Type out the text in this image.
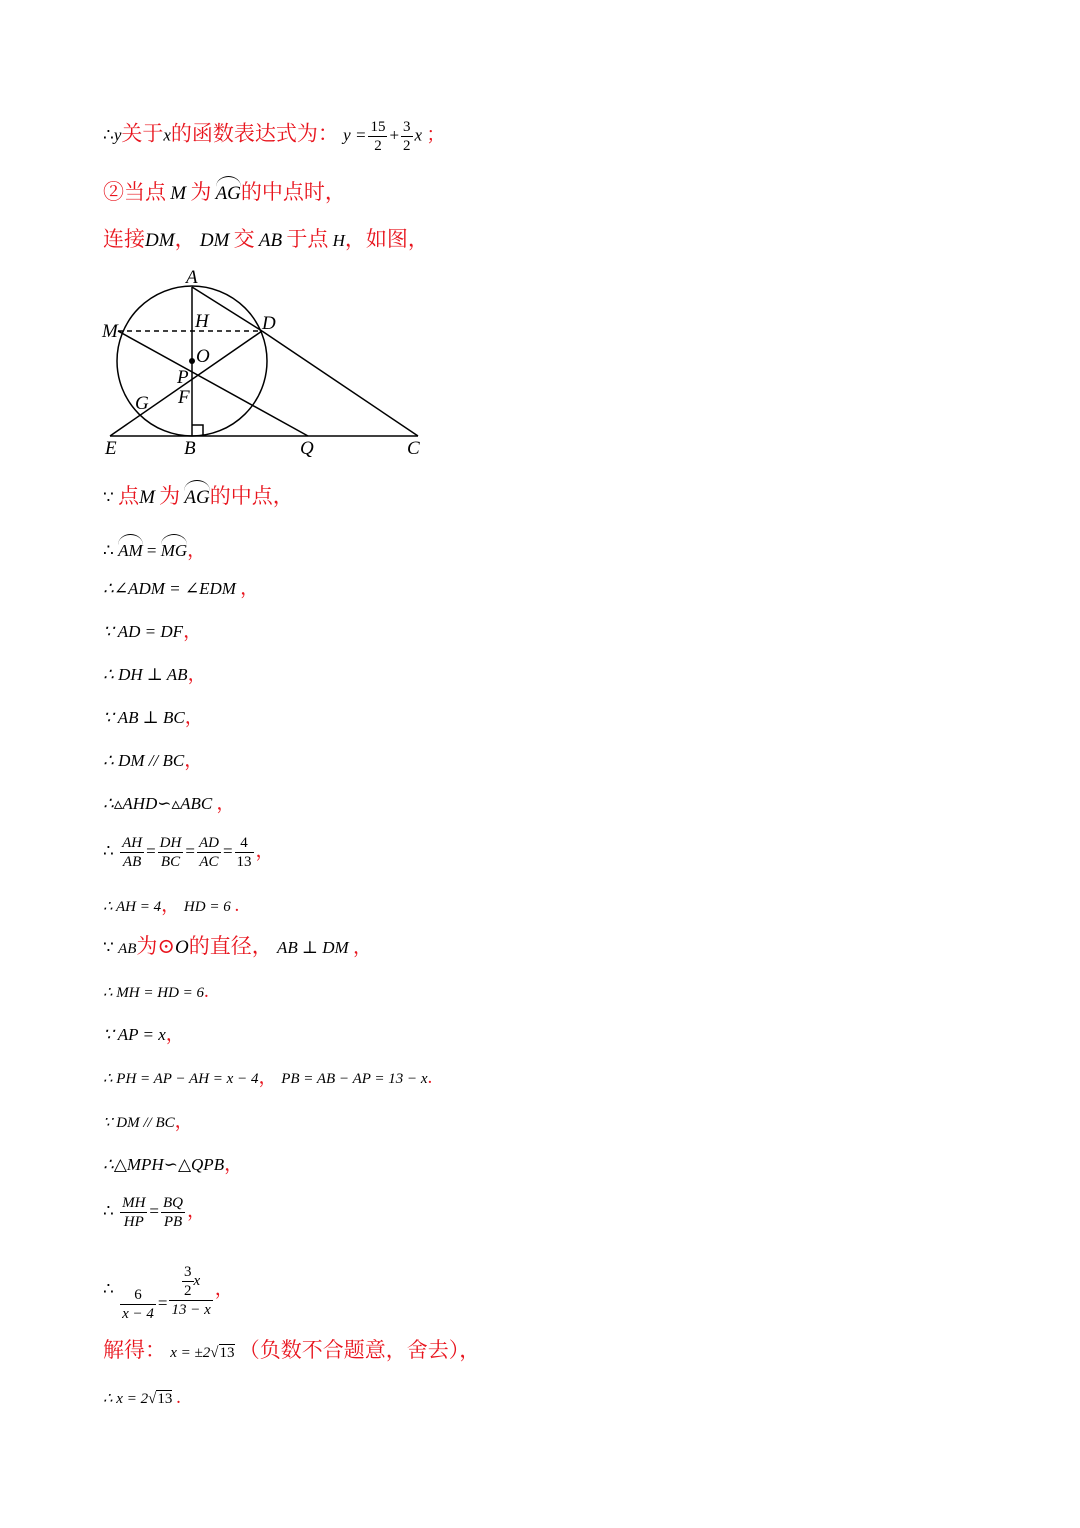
∴y关于x的函数表达式为： $y = \frac{15}{2} + \frac{3}{2}$ x ；
②当点 M 为 AG的中点时，
连接DM， DM 交 AB 于点 H，如图，
A
H	D
M
O
P
F
G
E	B	Q	C
∵ 点M 为 AG的中点，
∴ AM = MG，
∴∠ADM = ∠EDM ，
∵ AD = DF，
∴ DH ⊥ AB，
∵ AB ⊥ BC，
∴ DM // BC，
∴▵AHD∽▵ABC ，
∴ $\frac{AH}{AB} = \frac{DH}{BC} = \frac{AD}{AC} = \frac{4}{13}$ ，
∴ AH = 4， HD = 6 .
∵ AB为⊙O的直径， AB ⊥ DM ，
∴ MH = HD = 6.
∵ AP = x，
∴ PH = AP − AH = x − 4， PB = AB − AP = 13 − x.
∵ DM // BC，
∴△MPH∽△QPB，
∴ $\frac{MH}{HP} = \frac{BQ}{PB}$ ，
∴ $\frac{6}{x - 4} = \frac{\frac{3}{2} x}{13 - x}$ ，
解得： x = ±2√13 （负数不合题意，舍去），
∴ x = 2√13 .
